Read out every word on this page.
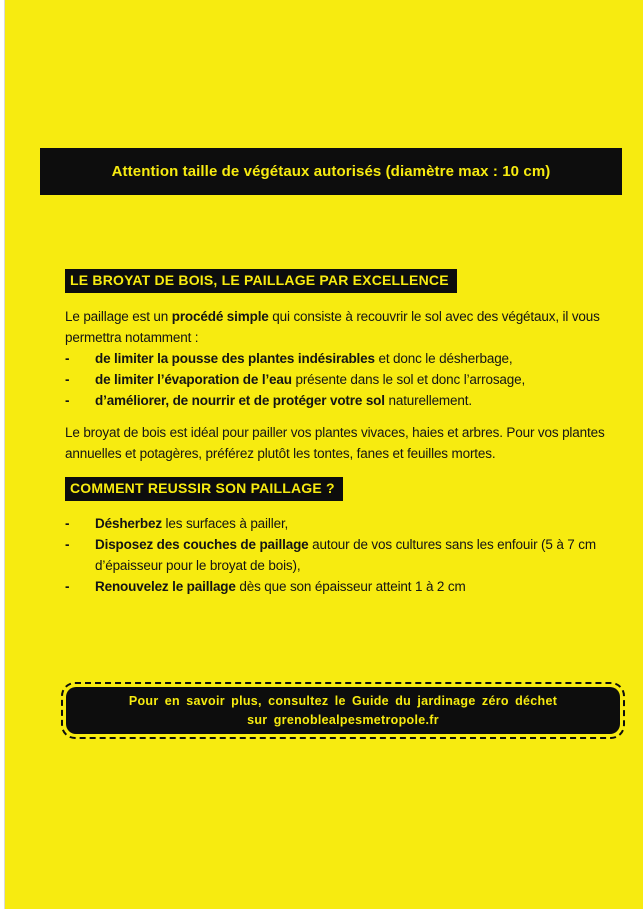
Attention taille de végétaux autorisés (diamètre max : 10 cm)
LE BROYAT DE BOIS, LE PAILLAGE PAR EXCELLENCE

Le paillage est un procédé simple qui consiste à recouvrir le sol avec des végétaux, il vous permettra notamment :

-	de limiter la pousse des plantes indésirables et donc le désherbage,
-	de limiter l’évaporation de l’eau présente dans le sol et donc l’arrosage,
-	d’améliorer, de nourrir et de protéger votre sol naturellement.

Le broyat de bois est idéal pour pailler vos plantes vivaces, haies et arbres. Pour vos plantes annuelles et potagères, préférez plutôt les tontes, fanes et feuilles mortes.

COMMENT REUSSIR SON PAILLAGE ?
-	Désherbez les surfaces à pailler,
-	Disposez des couches de paillage autour de vos cultures sans les enfouir (5 à 7 cm d’épaisseur pour le broyat de bois),
-	Renouvelez le paillage dès que son épaisseur atteint 1 à 2 cm
Pour en savoir plus, consultez le Guide du jardinage zéro déchet
sur grenoblealpesmetropole.fr
